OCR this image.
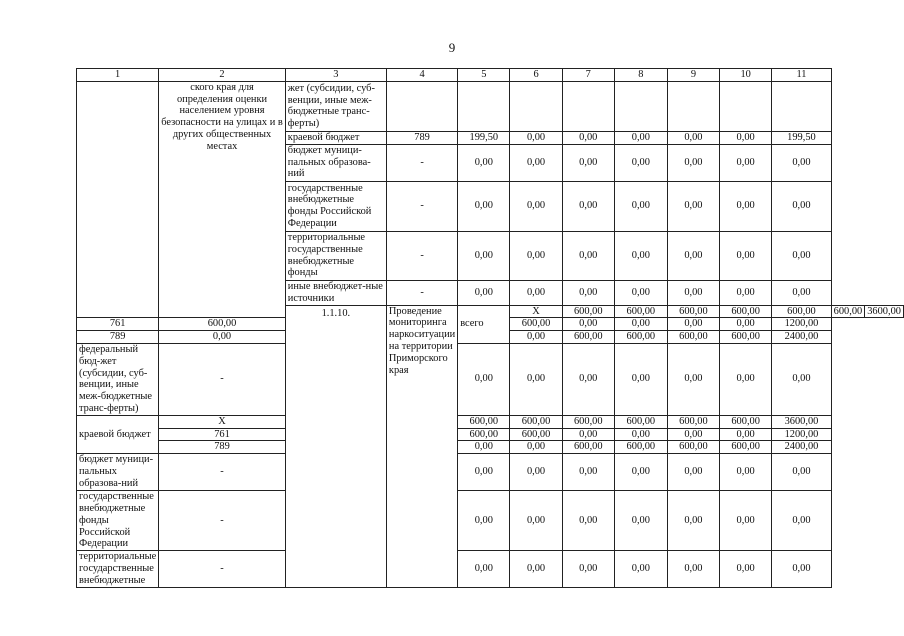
9
1	2	3	4	5	6	7	8	9	10	11		

	ского края для определения оценки населением уровня безопасности на улицах и в других общественных местах	жет (субсидии, суб-венции, иные меж-бюджетные транс-ферты)										
		краевой бюджет	789	199,50	0,00	0,00	0,00	0,00	0,00	199,50		
		бюджет муници-пальных образова-ний	-	0,00	0,00	0,00	0,00	0,00	0,00	0,00		
		государственные внебюджетные фонды Российской Федерации	-	0,00	0,00	0,00	0,00	0,00	0,00	0,00		
		территориальные государственные внебюджетные фонды	-	0,00	0,00	0,00	0,00	0,00	0,00	0,00		
		иные внебюджет-ные источники	-	0,00	0,00	0,00	0,00	0,00	0,00	0,00		
		1.1.10.	Проведение мониторинга наркоситуации на территории Приморского края	всего	X	600,00	600,00	600,00	600,00	600,00	600,00	3600,00
761	600,00				600,00	0,00	0,00	0,00	0,00	1200,00		
789	0,00				0,00	600,00	600,00	600,00	600,00	2400,00		
федеральный бюд-жет (субсидии, суб-венции, иные меж-бюджетные транс-ферты)	-			0,00	0,00	0,00	0,00	0,00	0,00	0,00		
краевой бюджет	X			600,00	600,00	600,00	600,00	600,00	600,00	3600,00		
	761			600,00	600,00	0,00	0,00	0,00	0,00	1200,00		
	789			0,00	0,00	600,00	600,00	600,00	600,00	2400,00		
бюджет муници-пальных образова-ний	-			0,00	0,00	0,00	0,00	0,00	0,00	0,00		
государственные внебюджетные фонды Российской Федерации	-			0,00	0,00	0,00	0,00	0,00	0,00	0,00		
территориальные государственные внебюджетные	-			0,00	0,00	0,00	0,00	0,00	0,00	0,00		
